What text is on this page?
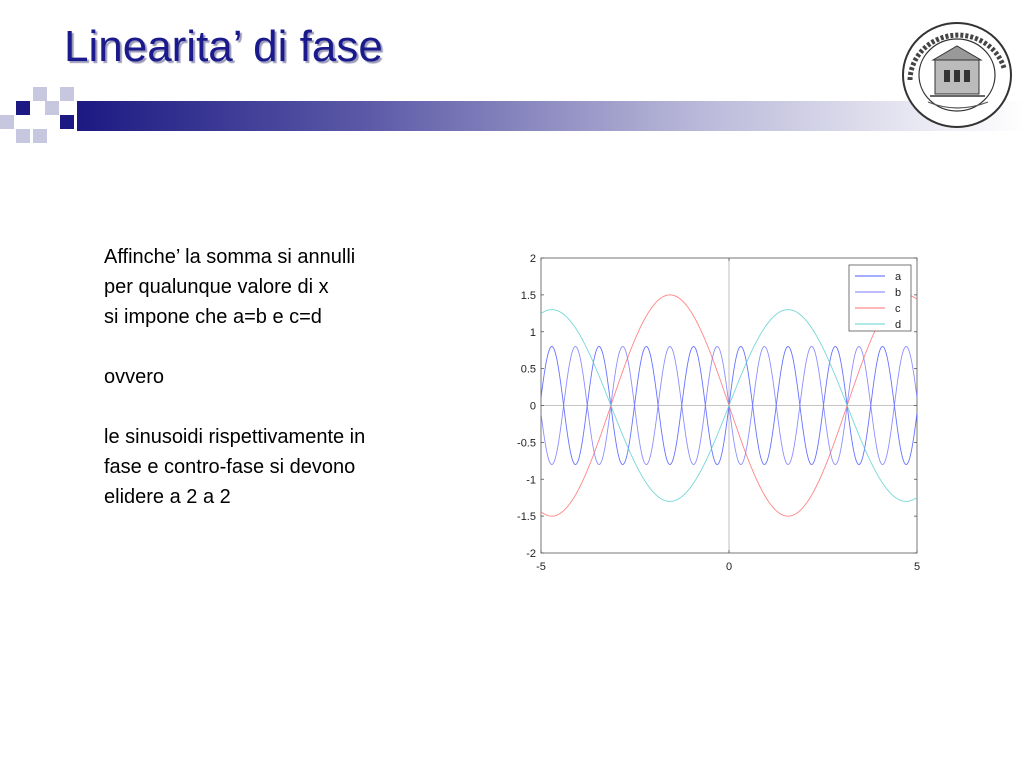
Linearita’ di fase

Affinche’ la somma si annulli
per qualunque valore di x
si impone che a=b e c=d

ovvero

le sinusoidi rispettivamente in
fase e contro-fase si devono
elidere a 2 a 2

2
1.5
1
0.5
0
-0.5
-1
-1.5
-2
-5	0	5
a
b
c
d
